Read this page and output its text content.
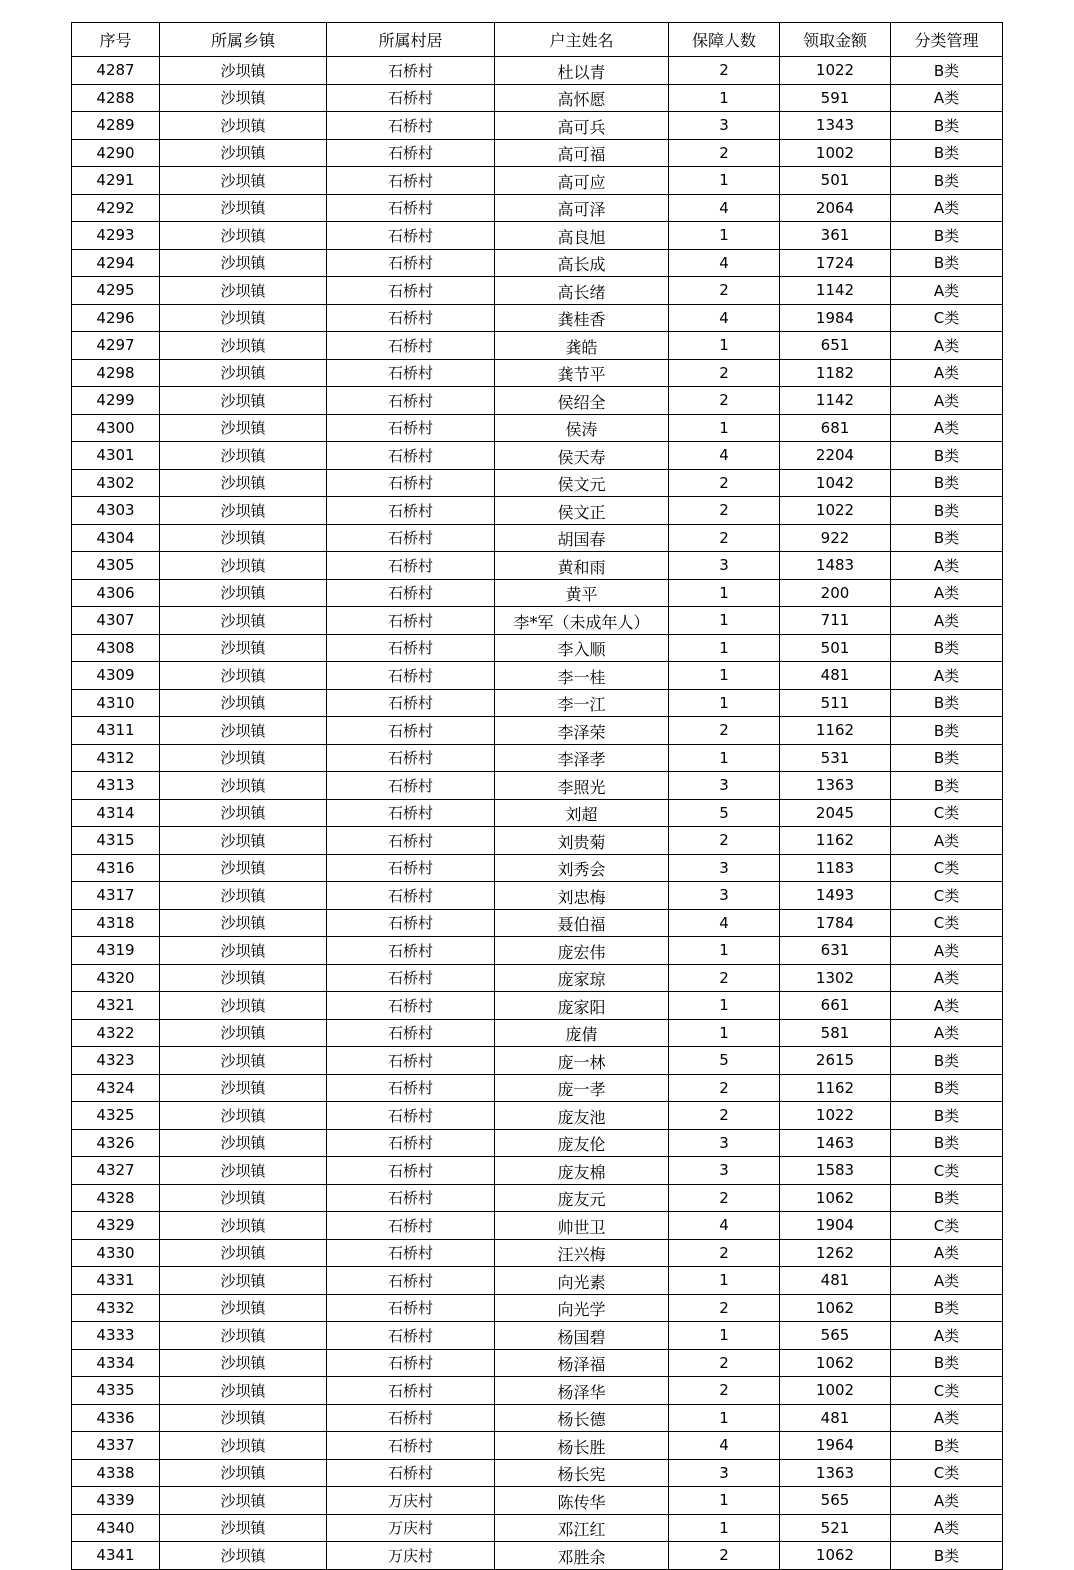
序号	所属乡镇	所属村居	户主姓名	保障人数	领取金额	分类管理
4287	沙坝镇	石桥村	杜以青	2	1022	B类
4288	沙坝镇	石桥村	高怀愿	1	591	A类
4289	沙坝镇	石桥村	高可兵	3	1343	B类
4290	沙坝镇	石桥村	高可福	2	1002	B类
4291	沙坝镇	石桥村	高可应	1	501	B类
4292	沙坝镇	石桥村	高可泽	4	2064	A类
4293	沙坝镇	石桥村	高良旭	1	361	B类
4294	沙坝镇	石桥村	高长成	4	1724	B类
4295	沙坝镇	石桥村	高长绪	2	1142	A类
4296	沙坝镇	石桥村	龚桂香	4	1984	C类
4297	沙坝镇	石桥村	龚皓	1	651	A类
4298	沙坝镇	石桥村	龚节平	2	1182	A类
4299	沙坝镇	石桥村	侯绍全	2	1142	A类
4300	沙坝镇	石桥村	侯涛	1	681	A类
4301	沙坝镇	石桥村	侯天寿	4	2204	B类
4302	沙坝镇	石桥村	侯文元	2	1042	B类
4303	沙坝镇	石桥村	侯文正	2	1022	B类
4304	沙坝镇	石桥村	胡国春	2	922	B类
4305	沙坝镇	石桥村	黄和雨	3	1483	A类
4306	沙坝镇	石桥村	黄平	1	200	A类
4307	沙坝镇	石桥村	李*军（未成年人）	1	711	A类
4308	沙坝镇	石桥村	李入顺	1	501	B类
4309	沙坝镇	石桥村	李一桂	1	481	A类
4310	沙坝镇	石桥村	李一江	1	511	B类
4311	沙坝镇	石桥村	李泽荣	2	1162	B类
4312	沙坝镇	石桥村	李泽孝	1	531	B类
4313	沙坝镇	石桥村	李照光	3	1363	B类
4314	沙坝镇	石桥村	刘超	5	2045	C类
4315	沙坝镇	石桥村	刘贵菊	2	1162	A类
4316	沙坝镇	石桥村	刘秀会	3	1183	C类
4317	沙坝镇	石桥村	刘忠梅	3	1493	C类
4318	沙坝镇	石桥村	聂伯福	4	1784	C类
4319	沙坝镇	石桥村	庞宏伟	1	631	A类
4320	沙坝镇	石桥村	庞家琼	2	1302	A类
4321	沙坝镇	石桥村	庞家阳	1	661	A类
4322	沙坝镇	石桥村	庞倩	1	581	A类
4323	沙坝镇	石桥村	庞一林	5	2615	B类
4324	沙坝镇	石桥村	庞一孝	2	1162	B类
4325	沙坝镇	石桥村	庞友池	2	1022	B类
4326	沙坝镇	石桥村	庞友伦	3	1463	B类
4327	沙坝镇	石桥村	庞友棉	3	1583	C类
4328	沙坝镇	石桥村	庞友元	2	1062	B类
4329	沙坝镇	石桥村	帅世卫	4	1904	C类
4330	沙坝镇	石桥村	汪兴梅	2	1262	A类
4331	沙坝镇	石桥村	向光素	1	481	A类
4332	沙坝镇	石桥村	向光学	2	1062	B类
4333	沙坝镇	石桥村	杨国碧	1	565	A类
4334	沙坝镇	石桥村	杨泽福	2	1062	B类
4335	沙坝镇	石桥村	杨泽华	2	1002	C类
4336	沙坝镇	石桥村	杨长德	1	481	A类
4337	沙坝镇	石桥村	杨长胜	4	1964	B类
4338	沙坝镇	石桥村	杨长宪	3	1363	C类
4339	沙坝镇	万庆村	陈传华	1	565	A类
4340	沙坝镇	万庆村	邓江红	1	521	A类
4341	沙坝镇	万庆村	邓胜余	2	1062	B类
